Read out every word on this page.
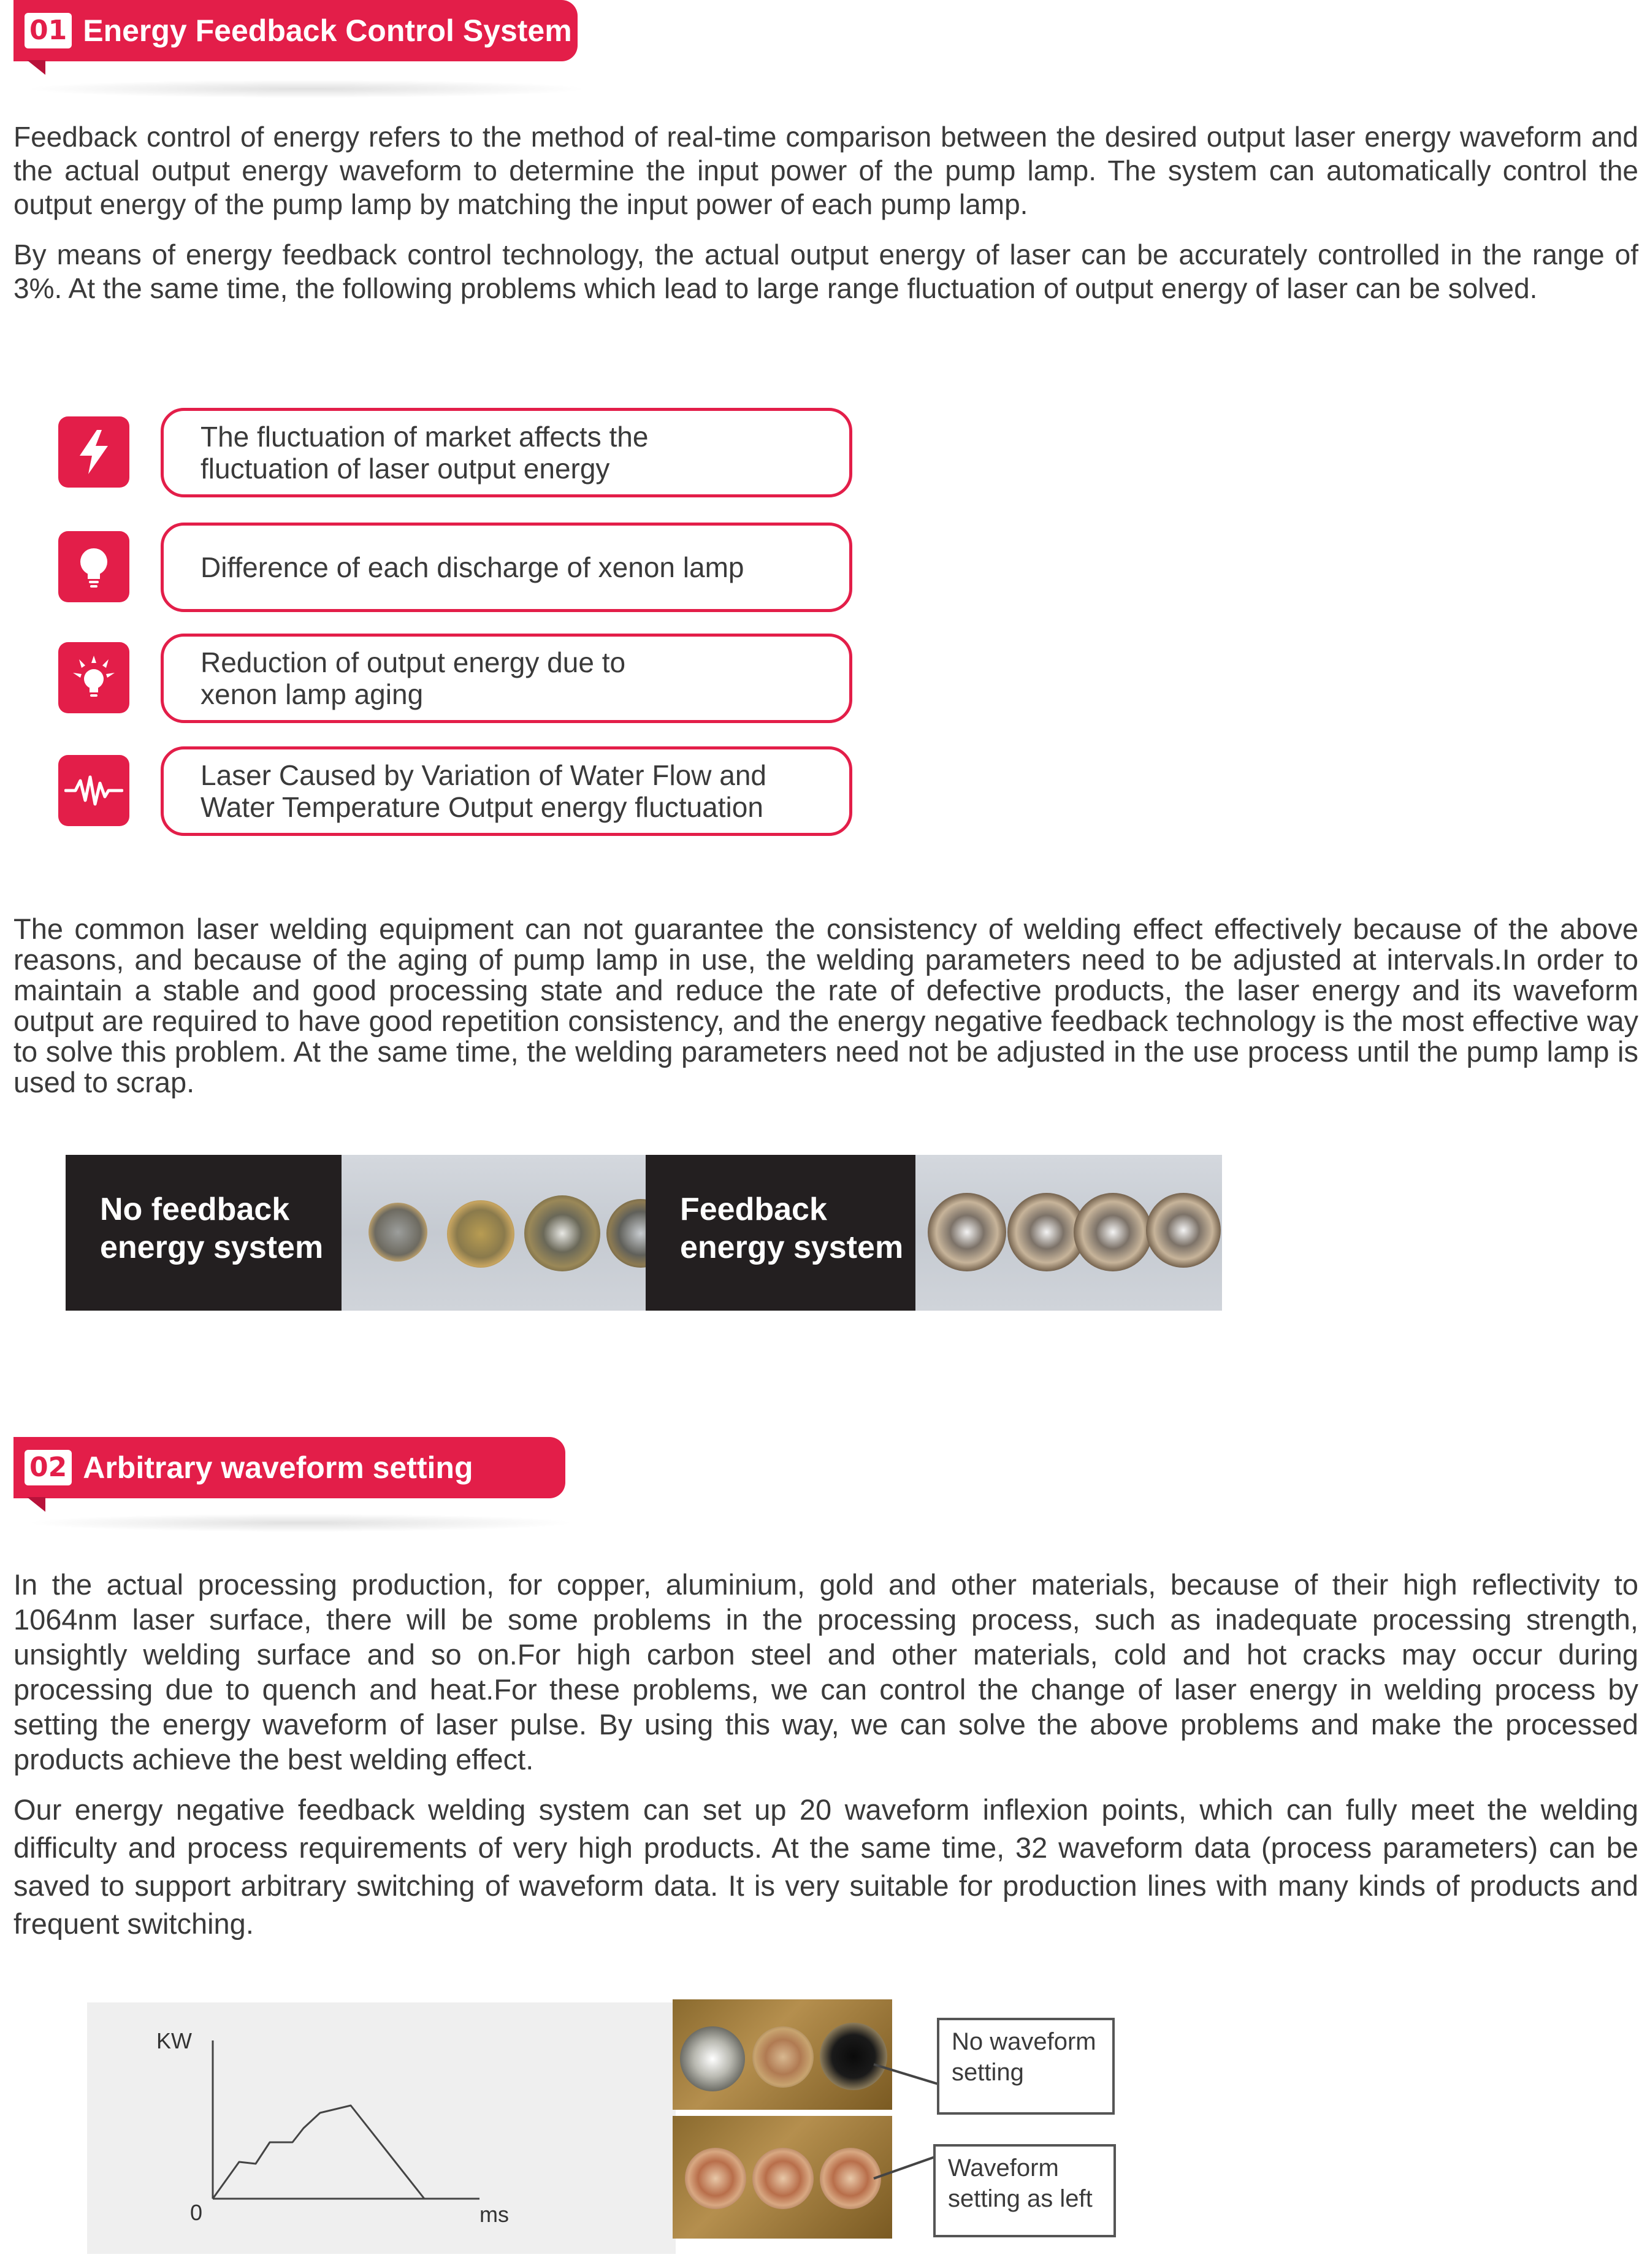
01 Energy Feedback Control System

Feedback control of energy refers to the method of real-time comparison between the desired output laser energy waveform and the actual output energy waveform to determine the input power of the pump lamp. The system can automatically control the output energy of the pump lamp by matching the input power of each pump lamp.

By means of energy feedback control technology, the actual output energy of laser can be accurately controlled in the range of 3%. At the same time, the following problems which lead to large range fluctuation of output energy of laser can be solved.

The fluctuation of market affects the fluctuation of laser output energy
Difference of each discharge of xenon lamp
Reduction of output energy due to xenon lamp aging
Laser Caused by Variation of Water Flow and Water Temperature Output energy fluctuation

The common laser welding equipment can not guarantee the consistency of welding effect effectively because of the above reasons, and because of the aging of pump lamp in use, the welding parameters need to be adjusted at intervals.In order to maintain a stable and good processing state and reduce the rate of defective products, the laser energy and its waveform output are required to have good repetition consistency, and the energy negative feedback technology is the most effective way to solve this problem. At the same time, the welding parameters need not be adjusted in the use process until the pump lamp is used to scrap.

No feedback
energy system
Feedback
energy system
02 Arbitrary waveform setting

In the actual processing production, for copper, aluminium, gold and other materials, because of their high reflectivity to 1064nm laser surface, there will be some problems in the processing process, such as inadequate processing strength, unsightly welding surface and so on.For high carbon steel and other materials, cold and hot cracks may occur during processing due to quench and heat.For these problems, we can control the change of laser energy in welding process by setting the energy waveform of laser pulse. By using this way, we can solve the above problems and make the processed products achieve the best welding effect.

Our energy negative feedback welding system can set up 20 waveform inflexion points, which can fully meet the welding difficulty and process requirements of very high products. At the same time, 32 waveform data (process parameters) can be saved to support arbitrary switching of waveform data. It is very suitable for production lines with many kinds of products and frequent switching.

KW
0	ms
No waveform
setting
Waveform
setting as left
